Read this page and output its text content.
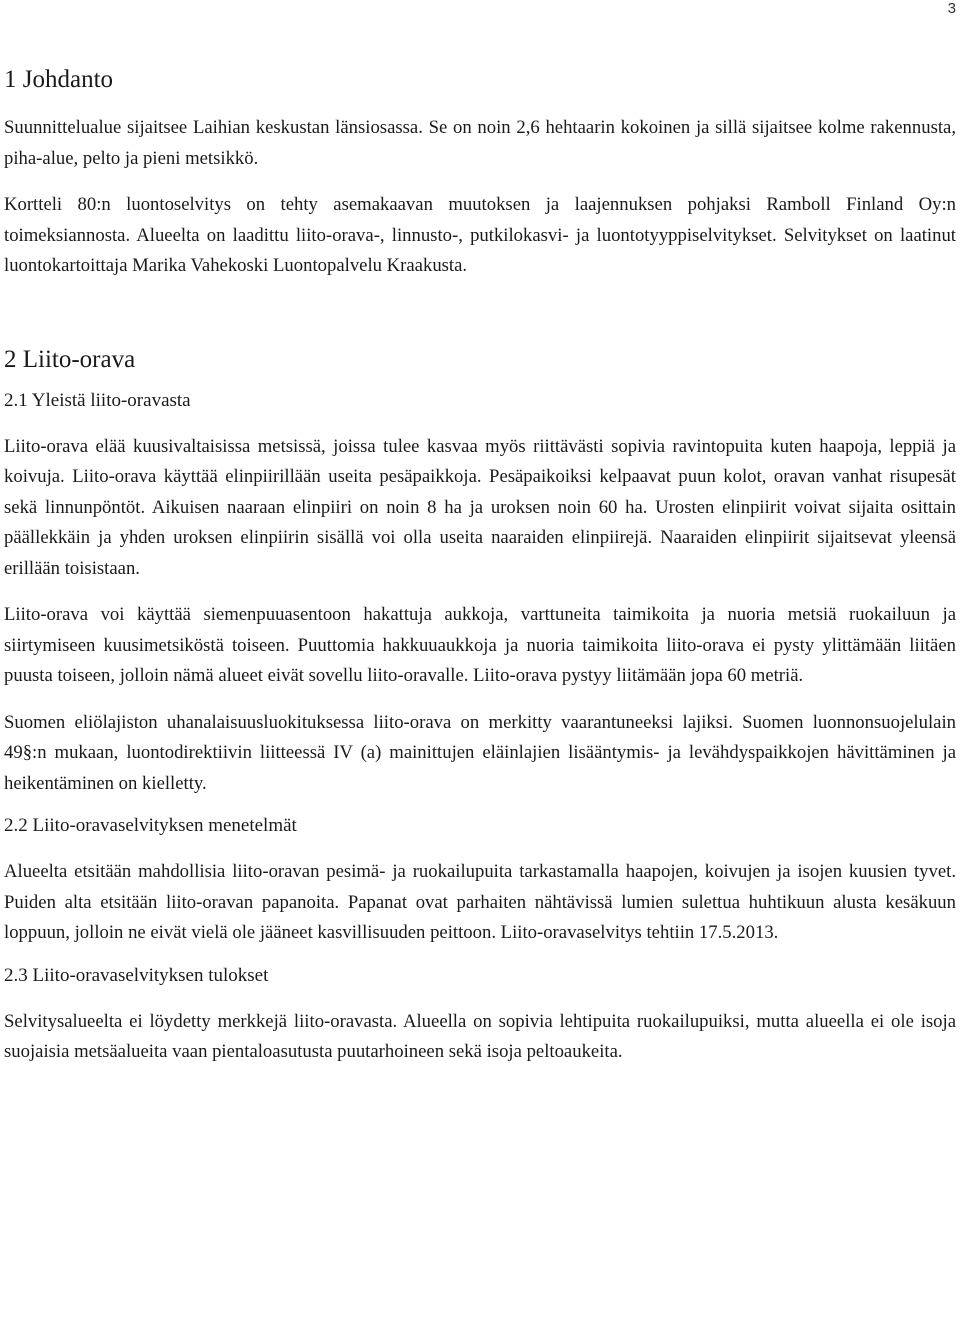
3
1 Johdanto

Suunnittelualue sijaitsee Laihian keskustan länsiosassa. Se on noin 2,6 hehtaarin kokoinen ja sillä sijaitsee kolme rakennusta, piha-alue, pelto ja pieni metsikkö.

Kortteli 80:n luontoselvitys on tehty asemakaavan muutoksen ja laajennuksen pohjaksi Ramboll Finland Oy:n toimeksiannosta. Alueelta on laadittu liito-orava-, linnusto-, putkilokasvi- ja luontotyyppiselvitykset. Selvitykset on laatinut luontokartoittaja Marika Vahekoski Luontopalvelu Kraakusta.

2 Liito-orava
2.1 Yleistä liito-oravasta

Liito-orava elää kuusivaltaisissa metsissä, joissa tulee kasvaa myös riittävästi sopivia ravintopuita kuten haapoja, leppiä ja koivuja. Liito-orava käyttää elinpiirillään useita pesäpaikkoja. Pesäpaikoiksi kelpaavat puun kolot, oravan vanhat risupesät sekä linnunpöntöt. Aikuisen naaraan elinpiiri on noin 8 ha ja uroksen noin 60 ha. Urosten elinpiirit voivat sijaita osittain päällekkäin ja yhden uroksen elinpiirin sisällä voi olla useita naaraiden elinpiirejä. Naaraiden elinpiirit sijaitsevat yleensä erillään toisistaan.

Liito-orava voi käyttää siemenpuuasentoon hakattuja aukkoja, varttuneita taimikoita ja nuoria metsiä ruokailuun ja siirtymiseen kuusimetsiköstä toiseen. Puuttomia hakkuuaukkoja ja nuoria taimikoita liito-orava ei pysty ylittämään liitäen puusta toiseen, jolloin nämä alueet eivät sovellu liito-oravalle. Liito-orava pystyy liitämään jopa 60 metriä.

Suomen eliölajiston uhanalaisuusluokituksessa liito-orava on merkitty vaarantuneeksi lajiksi. Suomen luonnonsuojelulain 49§:n mukaan, luontodirektiivin liitteessä IV (a) mainittujen eläinlajien lisääntymis- ja levähdyspaikkojen hävittäminen ja heikentäminen on kielletty.

2.2 Liito-oravaselvityksen menetelmät

Alueelta etsitään mahdollisia liito-oravan pesimä- ja ruokailupuita tarkastamalla haapojen, koivujen ja isojen kuusien tyvet. Puiden alta etsitään liito-oravan papanoita. Papanat ovat parhaiten nähtävissä lumien sulettua huhtikuun alusta kesäkuun loppuun, jolloin ne eivät vielä ole jääneet kasvillisuuden peittoon. Liito-oravaselvitys tehtiin 17.5.2013.

2.3 Liito-oravaselvityksen tulokset

Selvitysalueelta ei löydetty merkkejä liito-oravasta. Alueella on sopivia lehtipuita ruokailupuiksi, mutta alueella ei ole isoja suojaisia metsäalueita vaan pientaloasutusta puutarhoineen sekä isoja peltoaukeita.
